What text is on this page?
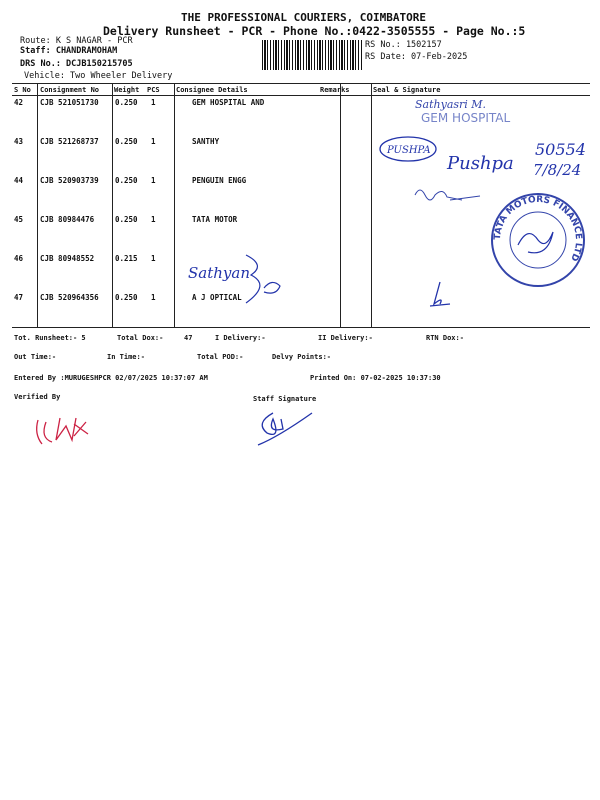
THE PROFESSIONAL COURIERS, COIMBATORE
Delivery Runsheet - PCR - Phone No.:0422-3505555 - Page No.:5
Route: K S NAGAR - PCR
Staff: CHANDRAMOHAM
DRS No.: DCJB150215705
Vehicle: Two Wheeler Delivery
RS No.: 1502157
RS Date: 07-Feb-2025
S No Consignment No Weight PCS Consignee Details	Remarks	Seal & Signature
42 CJB 521051730 0.250 1	GEM HOSPITAL AND
43 CJB 521268737 0.250 1	SANTHY
44 CJB 520903739 0.250 1	PENGUIN ENGG
45 CJB 80984476	0.250 1	TATA MOTOR
46 CJB 80948552	0.215 1
47 CJB 520964356 0.250 1	A J OPTICAL
Sathyasri M.
GEM HOSPITAL
PUSHPA
Pushpa
50554
7/8/24
TATA MOTORS FINANCE LTD
Sathyan
Tot. Runsheet:- 5	Total Dox:-	47	I Delivery:-	II Delivery:-	RTN Dox:-
Out Time:-	In Time:-	Total POD:-	Delvy Points:-
Entered By :MURUGESHPCR 02/07/2025 10:37:07 AM	Printed On: 07-02-2025 10:37:30
Verified By	Staff Signature
